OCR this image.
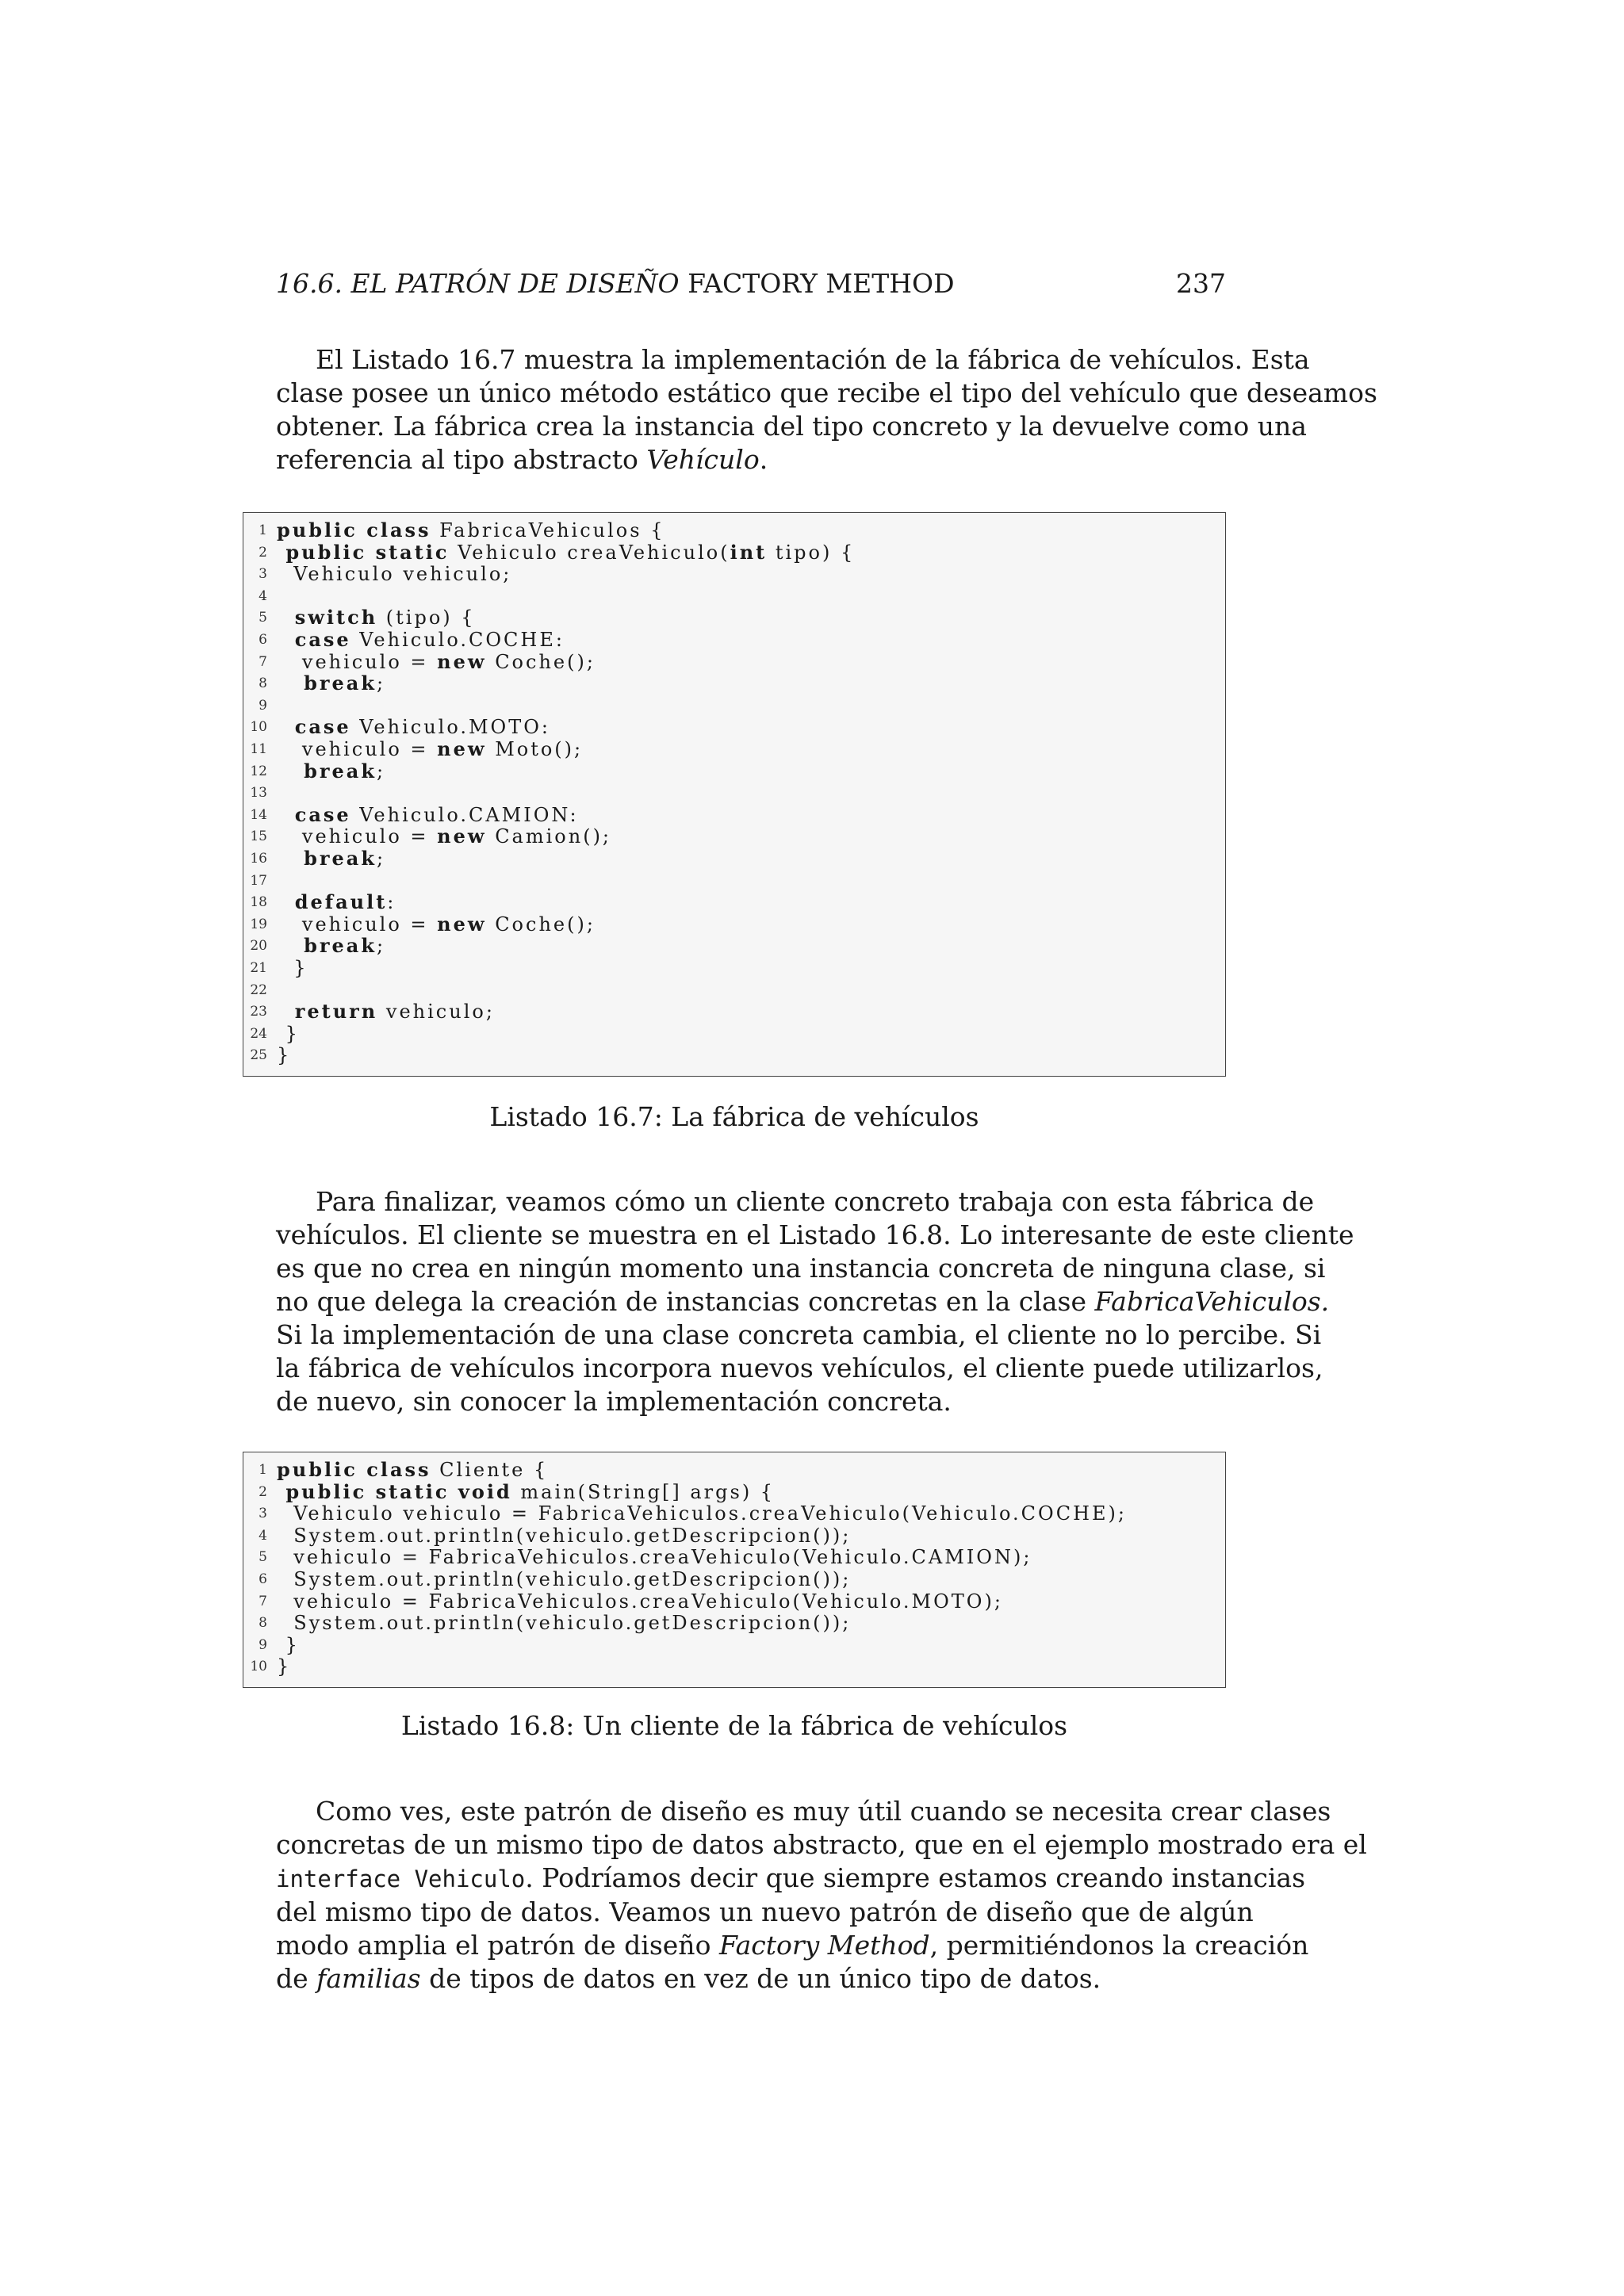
16.6. EL PATRÓN DE DISEÑO FACTORY METHOD	237
El Listado 16.7 muestra la implementación de la fábrica de vehículos. Esta
clase posee un único método estático que recibe el tipo del vehículo que deseamos
obtener. La fábrica crea la instancia del tipo concreto y la devuelve como una
referencia al tipo abstracto Vehículo.
1 public class FabricaVehiculos {
2 public static Vehiculo creaVehiculo(int tipo) {
3 Vehiculo vehiculo;
4
5 switch (tipo) {
6 case Vehiculo.COCHE:
7 vehiculo = new Coche();
8 break;
9
10 case Vehiculo.MOTO:
11 vehiculo = new Moto();
12 break;
13
14 case Vehiculo.CAMION:
15 vehiculo = new Camion();
16 break;
17
18 default:
19 vehiculo = new Coche();
20 break;
21 }
22
23 return vehiculo;
24 }
25 }
Listado 16.7: La fábrica de vehículos
Para finalizar, veamos cómo un cliente concreto trabaja con esta fábrica de
vehículos. El cliente se muestra en el Listado 16.8. Lo interesante de este cliente
es que no crea en ningún momento una instancia concreta de ninguna clase, si
no que delega la creación de instancias concretas en la clase FabricaVehiculos.
Si la implementación de una clase concreta cambia, el cliente no lo percibe. Si
la fábrica de vehículos incorpora nuevos vehículos, el cliente puede utilizarlos,
de nuevo, sin conocer la implementación concreta.
1 public class Cliente {
2 public static void main(String[] args) {
3 Vehiculo vehiculo = FabricaVehiculos.creaVehiculo(Vehiculo.COCHE);
4 System.out.println(vehiculo.getDescripcion());
5 vehiculo = FabricaVehiculos.creaVehiculo(Vehiculo.CAMION);
6 System.out.println(vehiculo.getDescripcion());
7 vehiculo = FabricaVehiculos.creaVehiculo(Vehiculo.MOTO);
8 System.out.println(vehiculo.getDescripcion());
9 }
10 }
Listado 16.8: Un cliente de la fábrica de vehículos
Como ves, este patrón de diseño es muy útil cuando se necesita crear clases
concretas de un mismo tipo de datos abstracto, que en el ejemplo mostrado era el
interface Vehiculo. Podríamos decir que siempre estamos creando instancias
del mismo tipo de datos. Veamos un nuevo patrón de diseño que de algún
modo amplia el patrón de diseño Factory Method, permitiéndonos la creación
de familias de tipos de datos en vez de un único tipo de datos.
